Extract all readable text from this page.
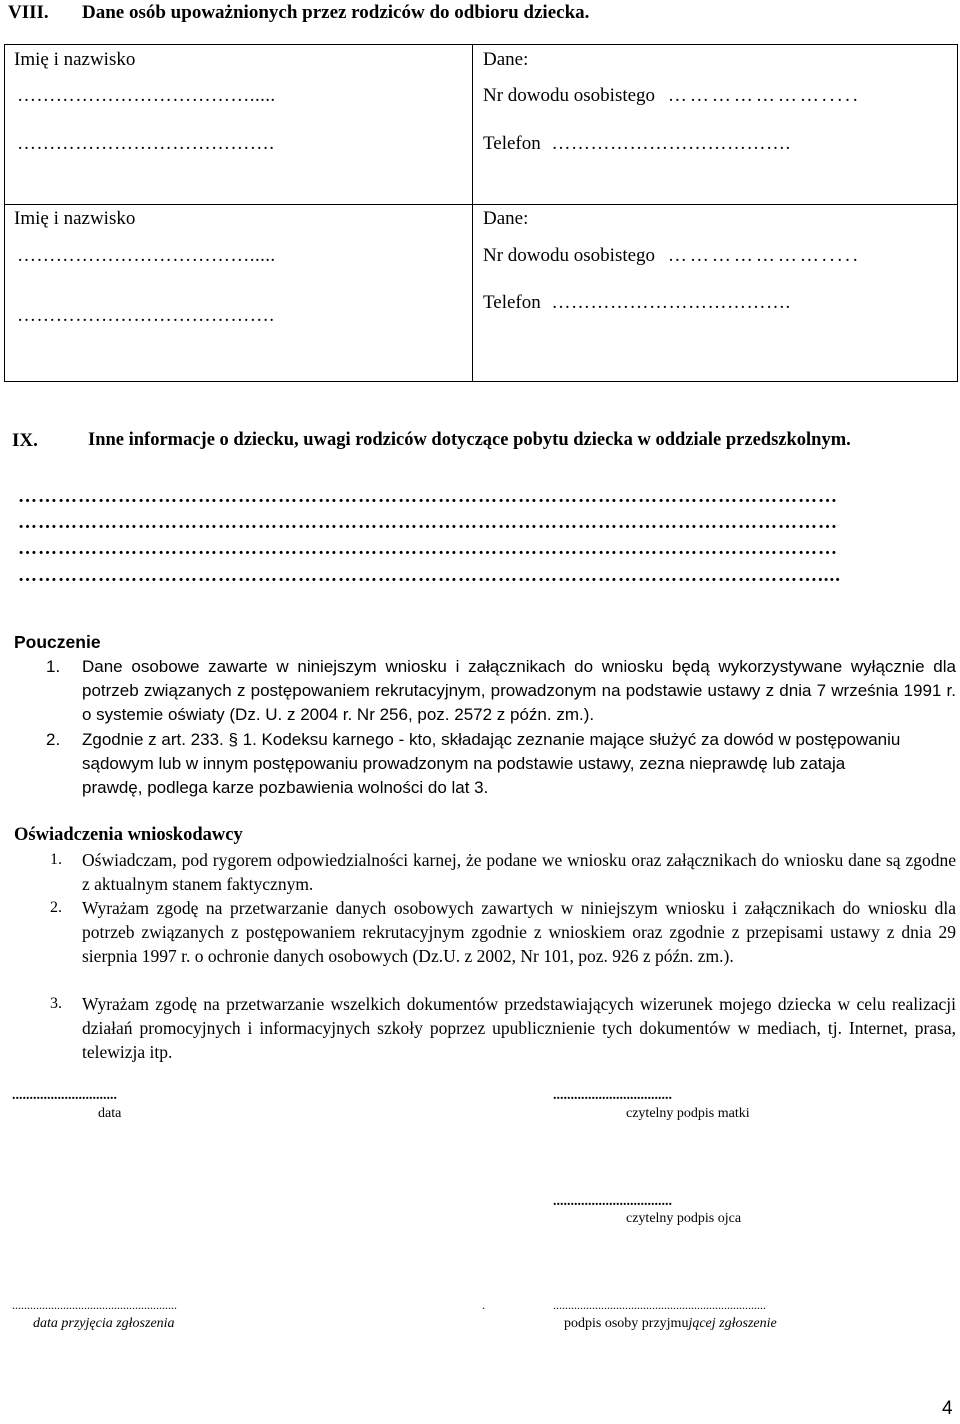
VIII. Dane osób upoważnionych przez rodziców do odbioru dziecka.
Imię i nazwisko
……………………………….....
………………………………….
Dane:
Nr dowodu osobistego ………………….....
Telefon ……………………………….
Imię i nazwisko
……………………………….....
………………………………….
Dane:
Nr dowodu osobistego ………………….....
Telefon ……………………………….
IX.	Inne informacje o dziecku, uwagi rodziców dotyczące pobytu dziecka w oddziale przedszkolnym.
……………………………………………………………………………………………………………
……………………………………………………………………………………………………………
……………………………………………………………………………………………………………
…………………………………………………………………………………………………………....
Pouczenie
1.	Dane osobowe zawarte w niniejszym wniosku i załącznikach do wniosku będą wykorzystywane wyłącznie dla potrzeb związanych z postępowaniem rekrutacyjnym, prowadzonym na podstawie ustawy z dnia 7 września 1991 r. o systemie oświaty (Dz. U. z 2004 r. Nr 256, poz. 2572 z późn. zm.).
2.	Zgodnie z art. 233. § 1. Kodeksu karnego - kto, składając zeznanie mające służyć za dowód w postępowaniu sądowym lub w innym postępowaniu prowadzonym na podstawie ustawy, zezna nieprawdę lub zataja prawdę, podlega karze pozbawienia wolności do lat 3.
Oświadczenia wnioskodawcy
1.	Oświadczam, pod rygorem odpowiedzialności karnej, że podane we wniosku oraz załącznikach do wniosku dane są zgodne z aktualnym stanem faktycznym.
2.	Wyrażam zgodę na przetwarzanie danych osobowych zawartych w niniejszym wniosku i załącznikach do wniosku dla potrzeb związanych z postępowaniem rekrutacyjnym zgodnie z wnioskiem oraz zgodnie z przepisami ustawy z dnia 29 sierpnia 1997 r. o ochronie danych osobowych (Dz.U. z 2002, Nr 101, poz. 926 z późn. zm.).
3.	Wyrażam zgodę na przetwarzanie wszelkich dokumentów przedstawiających wizerunek mojego dziecka w celu realizacji działań promocyjnych i informacyjnych szkoły poprzez upublicznienie tych dokumentów w mediach, tj. Internet, prasa, telewizja itp.
..............................
data
..................................
czytelny podpis matki
..................................
czytelny podpis ojca
.......................................................	.	.......................................................................
data przyjęcia zgłoszenia	podpis osoby przyjmującej zgłoszenie
4
